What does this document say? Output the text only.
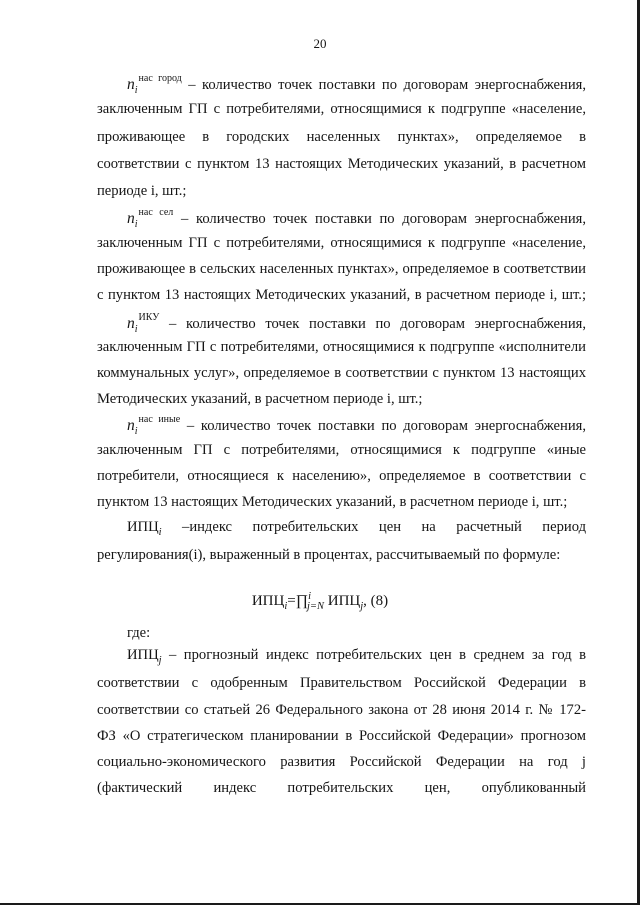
20
$n_i^{нас город}$ – количество точек поставки по договорам энергоснабжения,
заключенным ГП с потребителями, относящимися к подгруппе «население,
проживающее в городских населенных пунктах», определяемое в
соответствии с пунктом 13 настоящих Методических указаний, в расчетном
периоде i, шт.;
$n_i^{нас сел}$ – количество точек поставки по договорам энергоснабжения,
заключенным ГП с потребителями, относящимися к подгруппе «население,
проживающее в сельских населенных пунктах», определяемое в соответствии
с пунктом 13 настоящих Методических указаний, в расчетном периоде i, шт.;
$n_i^{ИКУ}$ – количество точек поставки по договорам энергоснабжения,
заключенным ГП с потребителями, относящимися к подгруппе «исполнители
коммунальных услуг», определяемое в соответствии с пунктом 13 настоящих
Методических указаний, в расчетном периоде i, шт.;
$n_i^{нас иные}$ – количество точек поставки по договорам энергоснабжения,
заключенным ГП с потребителями, относящимися к подгруппе «иные
потребители, относящиеся к населению», определяемое в соответствии с
пунктом 13 настоящих Методических указаний, в расчетном периоде i, шт.;
$ИПЦ_i$ –индекс потребительских цен на расчетный период
регулирования(i), выраженный в процентах, рассчитываемый по формуле:
$ИПЦ_i=\prod^i_{j=N}$ $ИПЦ_j$, (8)
где:
$ИПЦ_j$ – прогнозный индекс потребительских цен в среднем за год в
соответствии с одобренным Правительством Российской Федерации в
соответствии со статьей 26 Федерального закона от 28 июня 2014 г. № 172-
ФЗ «О стратегическом планировании в Российской Федерации» прогнозом
социально-экономического развития Российской Федерации на год j
(фактический индекс потребительских цен, опубликованный
